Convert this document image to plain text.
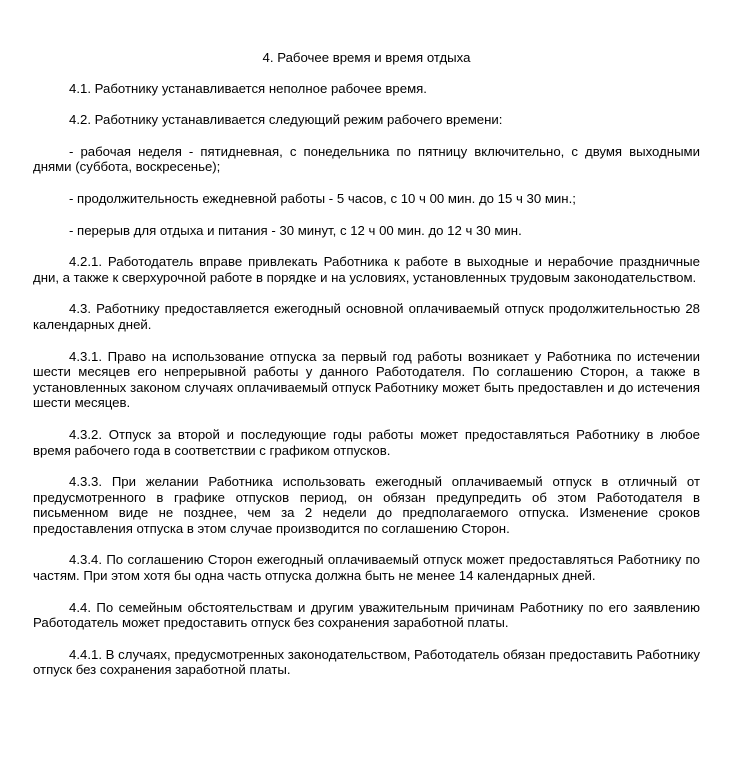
4. Рабочее время и время отдыха

4.1. Работнику устанавливается неполное рабочее время.

4.2. Работнику устанавливается следующий режим рабочего времени:

- рабочая неделя - пятидневная, с понедельника по пятницу включительно, с двумя выходными днями (суббота, воскресенье);

- продолжительность ежедневной работы - 5 часов, с 10 ч 00 мин. до 15 ч 30 мин.;

- перерыв для отдыха и питания - 30 минут, с 12 ч 00 мин. до 12 ч 30 мин.

4.2.1. Работодатель вправе привлекать Работника к работе в выходные и нерабочие праздничные дни, а также к сверхурочной работе в порядке и на условиях, установленных трудовым законодательством.

4.3. Работнику предоставляется ежегодный основной оплачиваемый отпуск продолжительностью 28 календарных дней.

4.3.1. Право на использование отпуска за первый год работы возникает у Работника по истечении шести месяцев его непрерывной работы у данного Работодателя. По соглашению Сторон, а также в установленных законом случаях оплачиваемый отпуск Работнику может быть предоставлен и до истечения шести месяцев.

4.3.2. Отпуск за второй и последующие годы работы может предоставляться Работнику в любое время рабочего года в соответствии с графиком отпусков.

4.3.3. При желании Работника использовать ежегодный оплачиваемый отпуск в отличный от предусмотренного в графике отпусков период, он обязан предупредить об этом Работодателя в письменном виде не позднее, чем за 2 недели до предполагаемого отпуска. Изменение сроков предоставления отпуска в этом случае производится по соглашению Сторон.

4.3.4. По соглашению Сторон ежегодный оплачиваемый отпуск может предоставляться Работнику по частям. При этом хотя бы одна часть отпуска должна быть не менее 14 календарных дней.

4.4. По семейным обстоятельствам и другим уважительным причинам Работнику по его заявлению Работодатель может предоставить отпуск без сохранения заработной платы.

4.4.1. В случаях, предусмотренных законодательством, Работодатель обязан предоставить Работнику отпуск без сохранения заработной платы.
